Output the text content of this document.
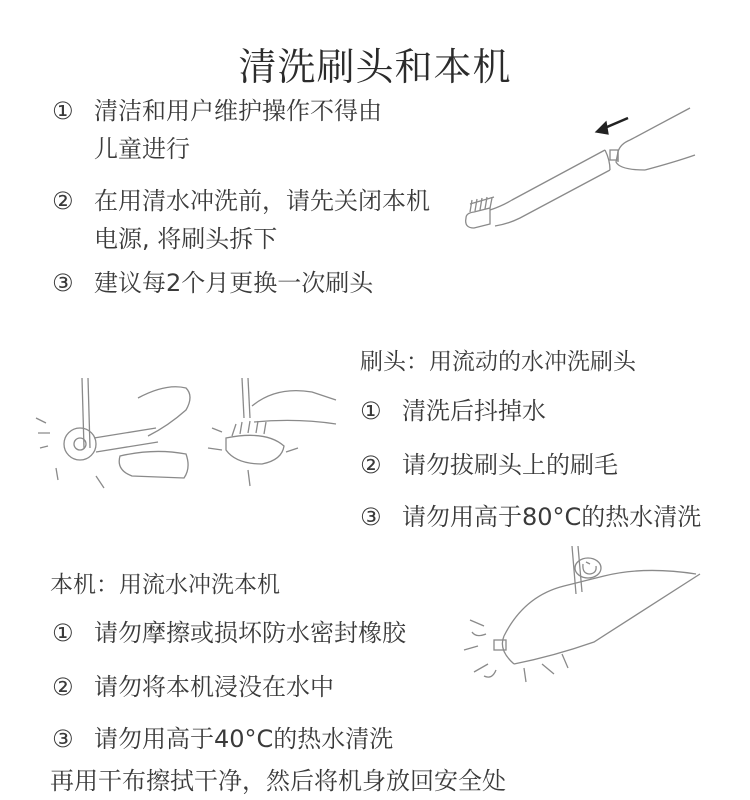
清洗刷头和本机
① 清洁和用户维护操作不得由
儿童进行
② 在用清水冲洗前，请先关闭本机
电源, 将刷头拆下
③ 建议每2个月更换一次刷头
刷头：用流动的水冲洗刷头
① 清洗后抖掉水
② 请勿拔刷头上的刷毛
③ 请勿用高于80°C的热水清洗
本机：用流水冲洗本机
① 请勿摩擦或损坏防水密封橡胶
② 请勿将本机浸没在水中
③ 请勿用高于40°C的热水清洗
再用干布擦拭干净，然后将机身放回安全处
